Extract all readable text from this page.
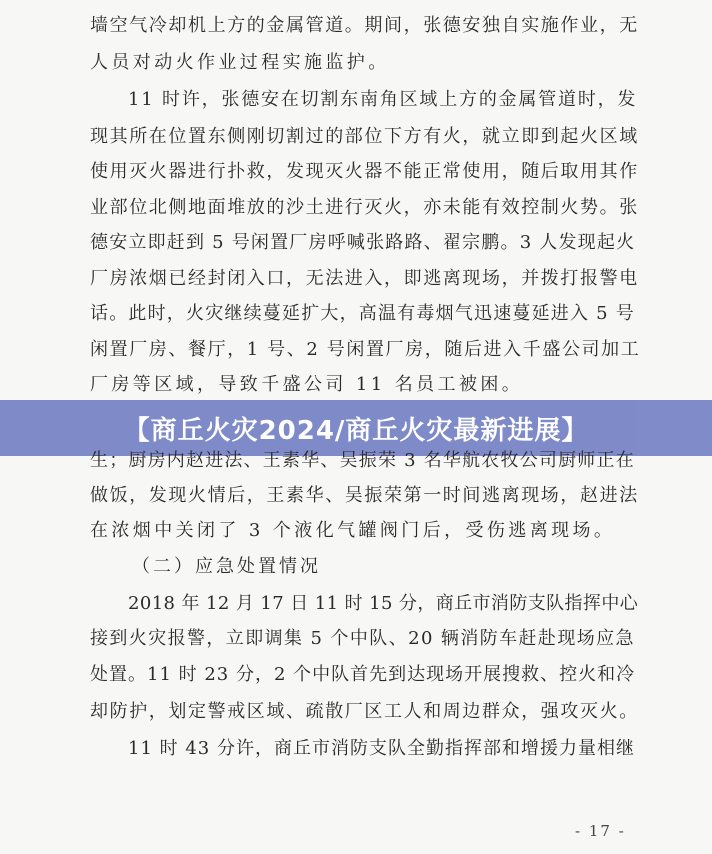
墙空气冷却机上方的金属管道。期间，张德安独自实施作业，无
人员对动火作业过程实施监护。
11 时许，张德安在切割东南角区域上方的金属管道时，发
现其所在位置东侧刚切割过的部位下方有火，就立即到起火区域
使用灭火器进行扑救，发现灭火器不能正常使用，随后取用其作
业部位北侧地面堆放的沙土进行灭火，亦未能有效控制火势。张
德安立即赶到 5 号闲置厂房呼喊张路路、翟宗鹏。3 人发现起火
厂房浓烟已经封闭入口，无法进入，即逃离现场，并拨打报警电
话。此时，火灾继续蔓延扩大，高温有毒烟气迅速蔓延进入 5 号
闲置厂房、餐厅，1 号、2 号闲置厂房，随后进入千盛公司加工
厂房等区域，导致千盛公司 11 名员工被困。
【商丘火灾2024/商丘火灾最新进展】
生；厨房内赵进法、王素华、吴振荣 3 名华航农牧公司厨师正在
做饭，发现火情后，王素华、吴振荣第一时间逃离现场，赵进法
在浓烟中关闭了 3 个液化气罐阀门后，受伤逃离现场。
（二）应急处置情况
2018 年 12 月 17 日 11 时 15 分，商丘市消防支队指挥中心
接到火灾报警，立即调集 5 个中队、20 辆消防车赶赴现场应急
处置。11 时 23 分，2 个中队首先到达现场开展搜救、控火和冷
却防护，划定警戒区域、疏散厂区工人和周边群众，强攻灭火。
11 时 43 分许，商丘市消防支队全勤指挥部和增援力量相继
- 17 -
